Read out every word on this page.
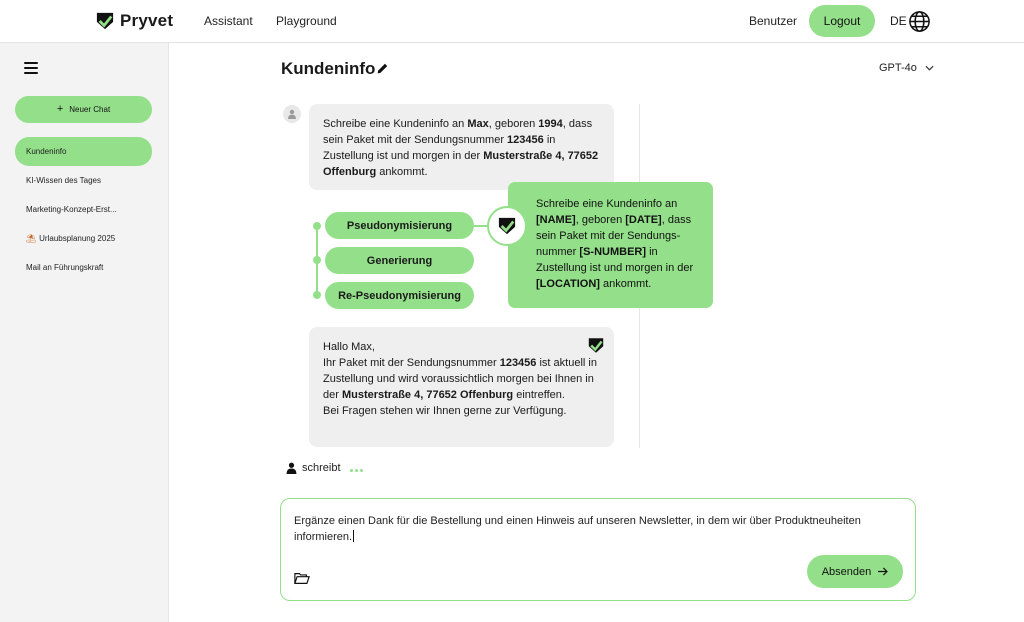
Pryvet	Assistant Playground	Benutzer	Logout	DE
+ Neuer Chat
Kundeninfo
KI-Wissen des Tages
Marketing-Konzept-Erst...
⛱ Urlaubsplanung 2025
Mail an Führungskraft
Kundeninfo	GPT-4o
Schreibe eine Kundeninfo an Max, geboren 1994, dass sein Paket mit der Sendungsnummer 123456 in Zustellung ist und morgen in der Musterstraße 4, 77652 Offenburg ankommt.
Pseudonymisierung
Generierung
Re-Pseudonymisierung
Schreibe eine Kundeninfo an [NAME], geboren [DATE], dass sein Paket mit der Sendungs-nummer [S-NUMBER] in Zustellung ist und morgen in der [LOCATION] ankommt.
Hallo Max,
Ihr Paket mit der Sendungsnummer 123456 ist aktuell in Zustellung und wird voraussichtlich morgen bei Ihnen in der Musterstraße 4, 77652 Offenburg eintreffen.
Bei Fragen stehen wir Ihnen gerne zur Verfügung.
schreibt
Ergänze einen Dank für die Bestellung und einen Hinweis auf unseren Newsletter, in dem wir über Produktneuheiten informieren.
Absenden
